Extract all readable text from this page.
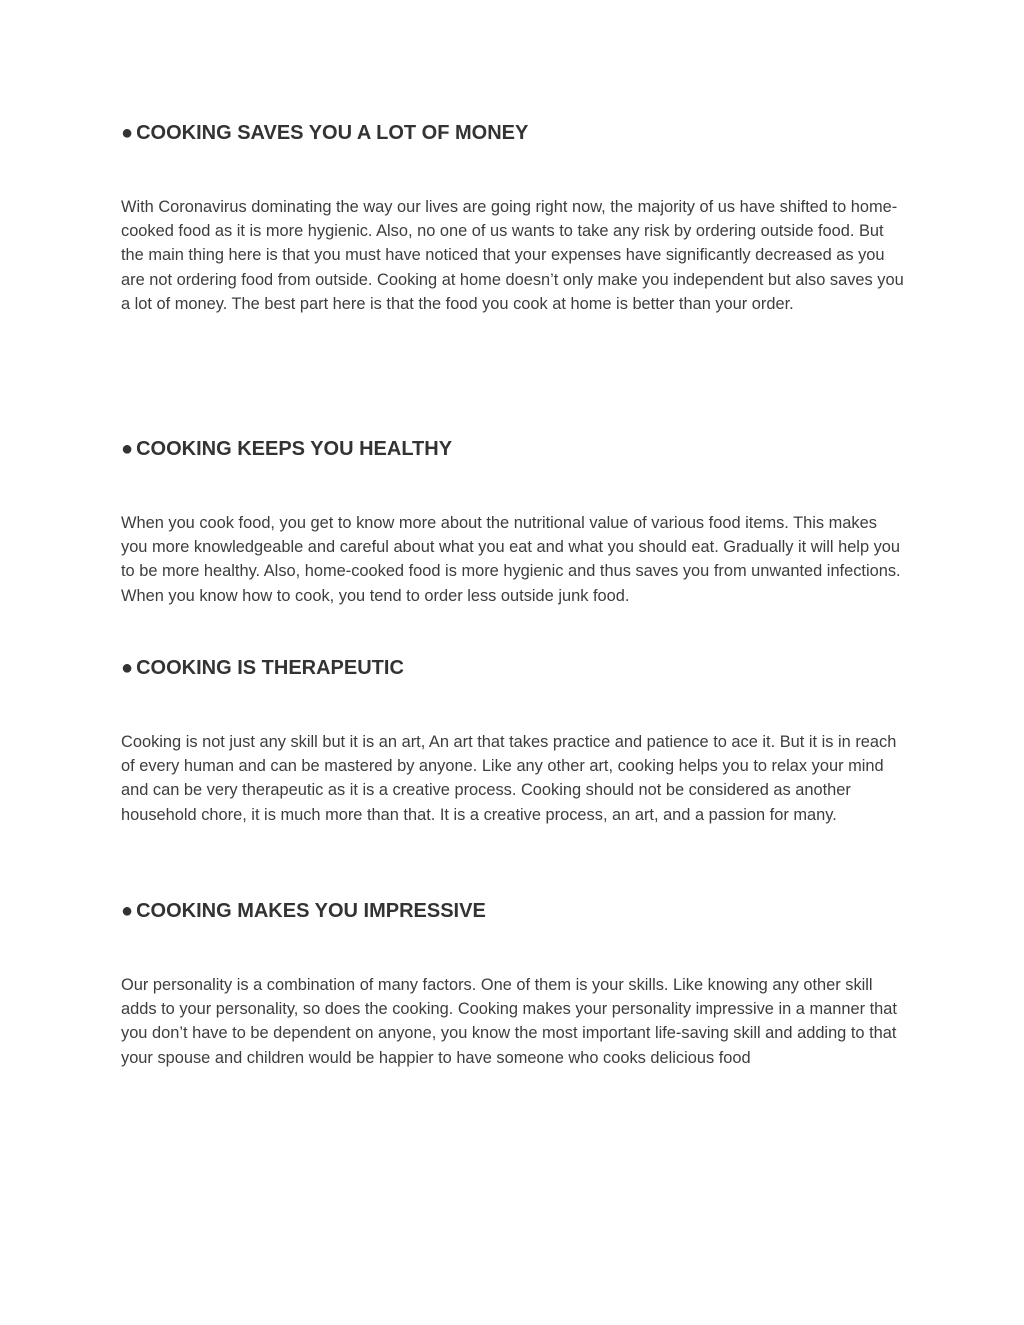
● COOKING SAVES YOU A LOT OF MONEY

With Coronavirus dominating the way our lives are going right now, the majority of us have shifted to home-cooked food as it is more hygienic. Also, no one of us wants to take any risk by ordering outside food. But the main thing here is that you must have noticed that your expenses have significantly decreased as you are not ordering food from outside. Cooking at home doesn’t only make you independent but also saves you a lot of money. The best part here is that the food you cook at home is better than your order.

● COOKING KEEPS YOU HEALTHY

When you cook food, you get to know more about the nutritional value of various food items. This makes you more knowledgeable and careful about what you eat and what you should eat. Gradually it will help you to be more healthy. Also, home-cooked food is more hygienic and thus saves you from unwanted infections. When you know how to cook, you tend to order less outside junk food.

● COOKING IS THERAPEUTIC

Cooking is not just any skill but it is an art, An art that takes practice and patience to ace it. But it is in reach of every human and can be mastered by anyone. Like any other art, cooking helps you to relax your mind and can be very therapeutic as it is a creative process. Cooking should not be considered as another household chore, it is much more than that. It is a creative process, an art, and a passion for many.

● COOKING MAKES YOU IMPRESSIVE

Our personality is a combination of many factors. One of them is your skills. Like knowing any other skill adds to your personality, so does the cooking. Cooking makes your personality impressive in a manner that you don’t have to be dependent on anyone, you know the most important life-saving skill and adding to that your spouse and children would be happier to have someone who cooks delicious food
